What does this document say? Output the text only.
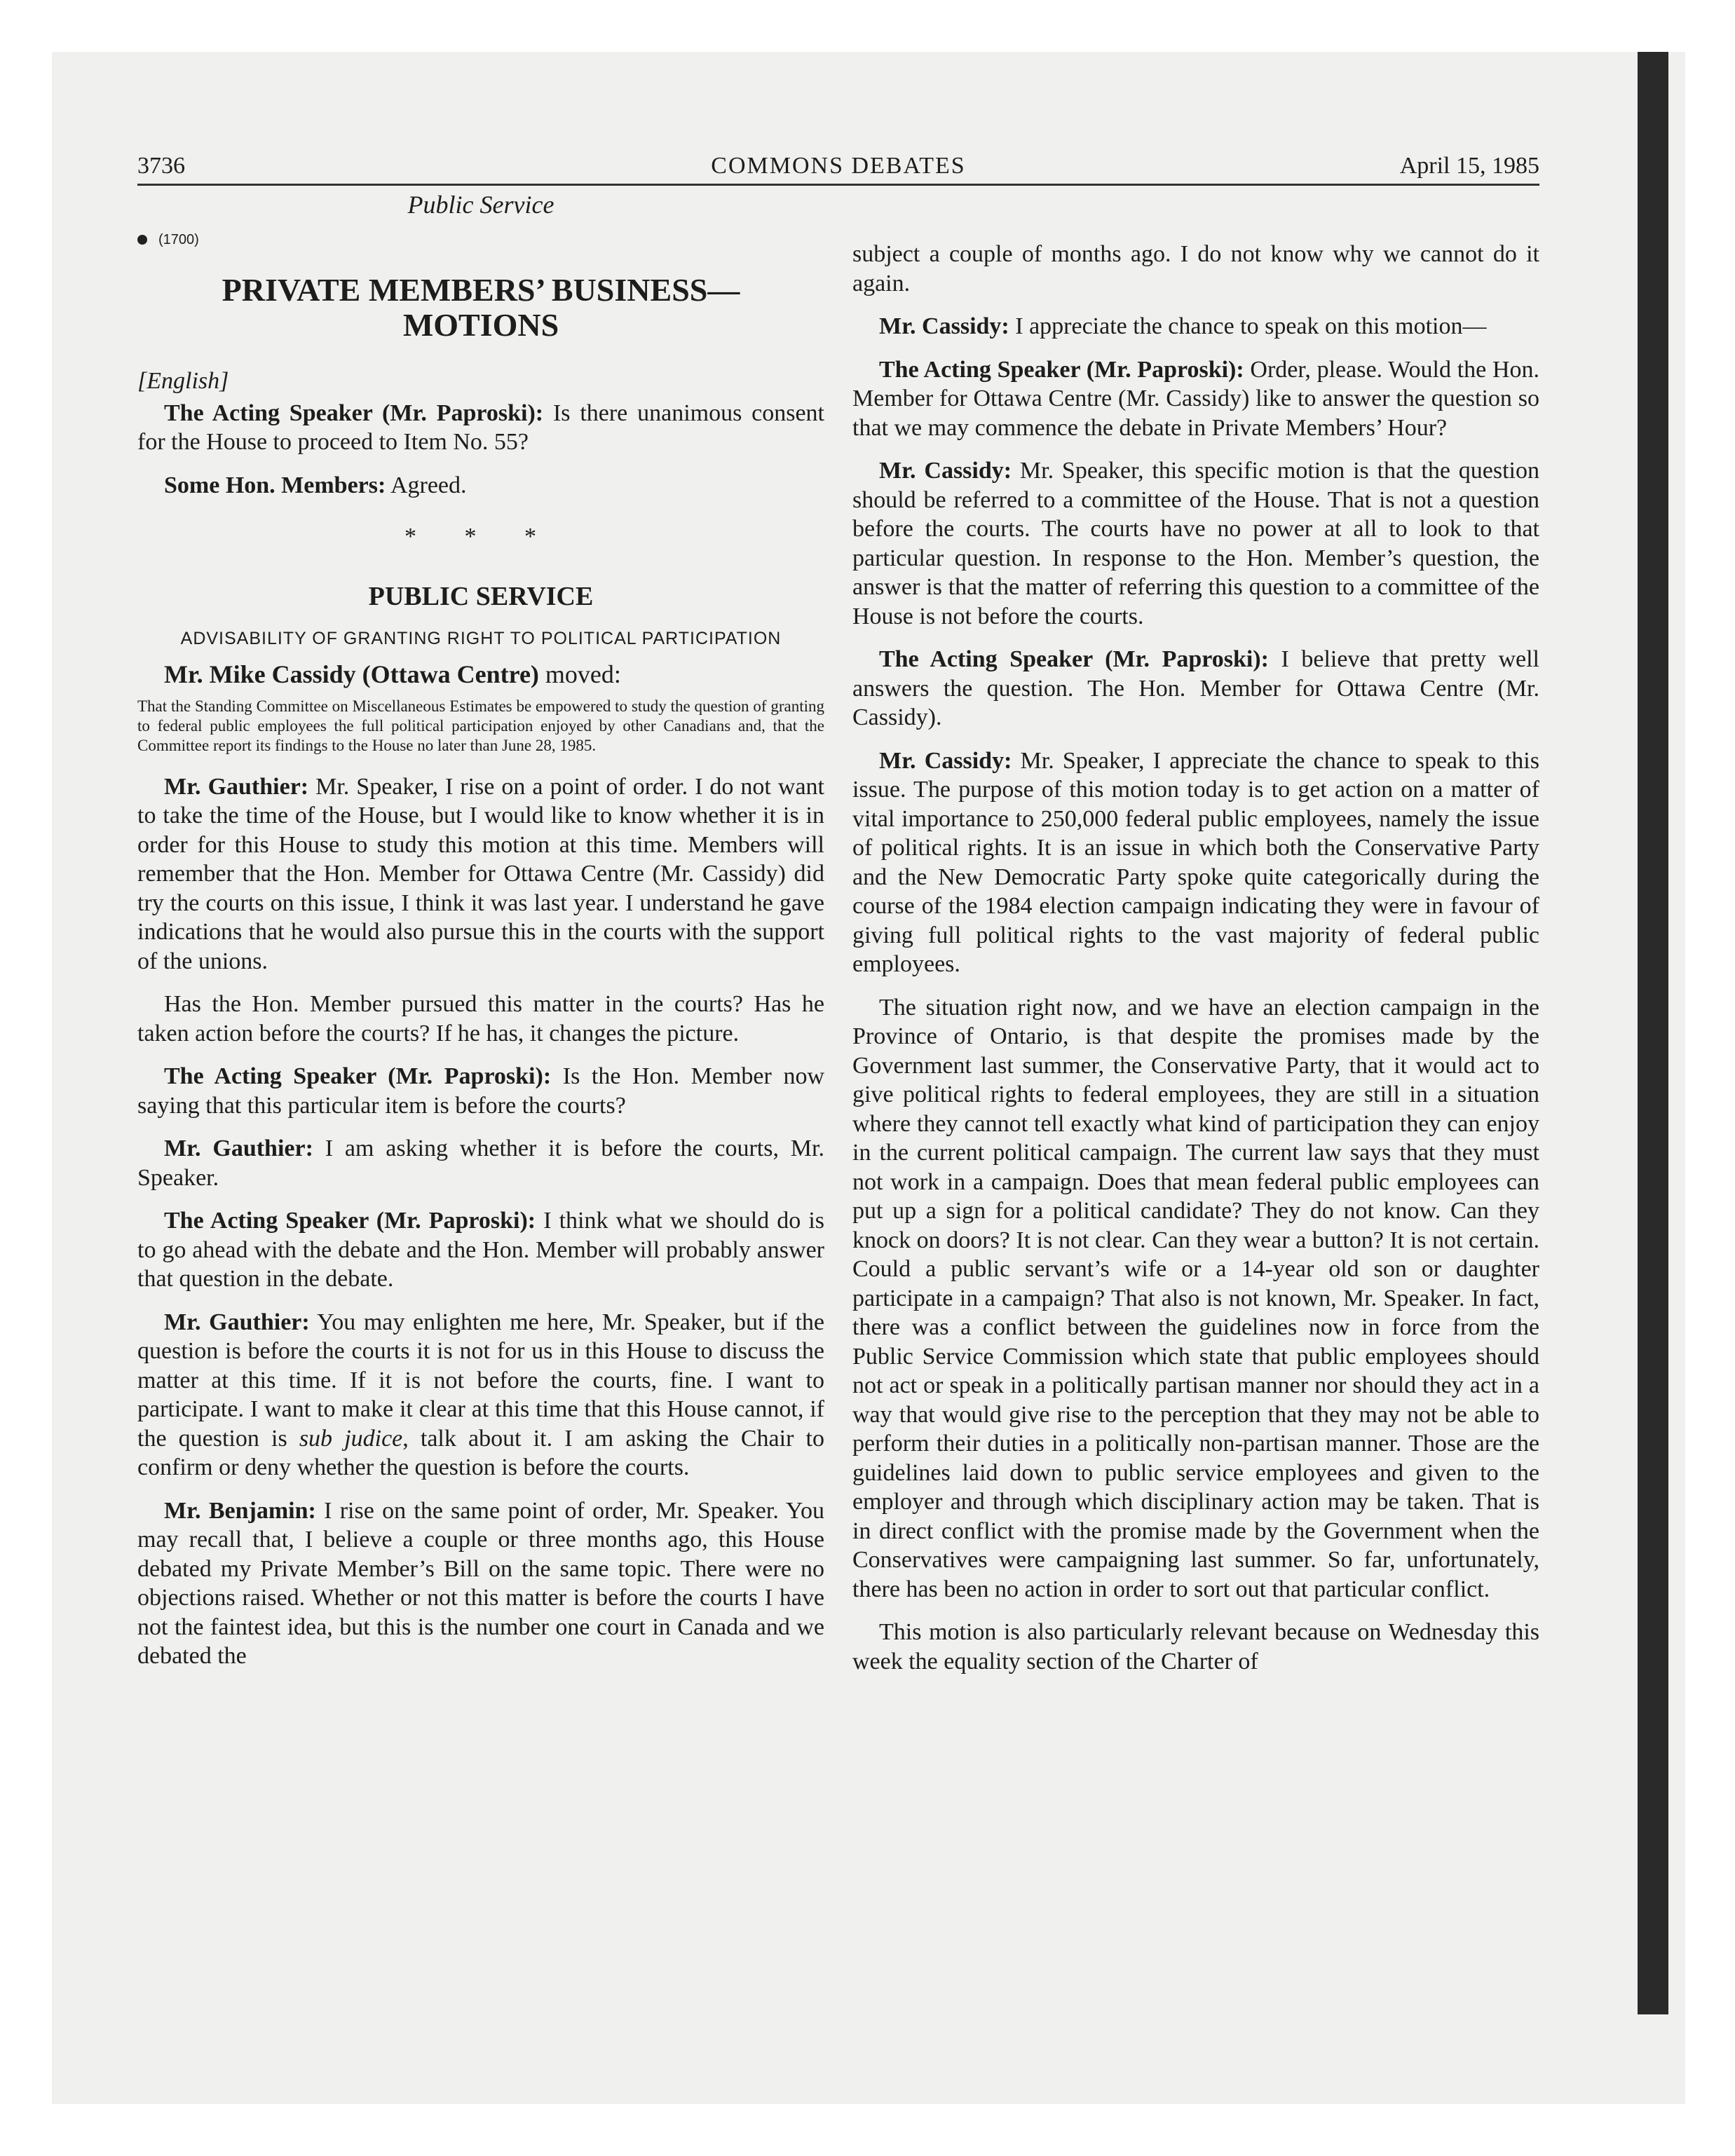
3736	COMMONS DEBATES	April 15, 1985
Public Service
(1700)
PRIVATE MEMBERS’ BUSINESS— MOTIONS
[English]

The Acting Speaker (Mr. Paproski): Is there unanimous consent for the House to proceed to Item No. 55?

Some Hon. Members: Agreed.

* * *
PUBLIC SERVICE
ADVISABILITY OF GRANTING RIGHT TO POLITICAL PARTICIPATION

Mr. Mike Cassidy (Ottawa Centre) moved:

That the Standing Committee on Miscellaneous Estimates be empowered to study the question of granting to federal public employees the full political participation enjoyed by other Canadians and, that the Committee report its findings to the House no later than June 28, 1985.

Mr. Gauthier: Mr. Speaker, I rise on a point of order. I do not want to take the time of the House, but I would like to know whether it is in order for this House to study this motion at this time. Members will remember that the Hon. Member for Ottawa Centre (Mr. Cassidy) did try the courts on this issue, I think it was last year. I understand he gave indications that he would also pursue this in the courts with the support of the unions.

Has the Hon. Member pursued this matter in the courts? Has he taken action before the courts? If he has, it changes the picture.

The Acting Speaker (Mr. Paproski): Is the Hon. Member now saying that this particular item is before the courts?

Mr. Gauthier: I am asking whether it is before the courts, Mr. Speaker.

The Acting Speaker (Mr. Paproski): I think what we should do is to go ahead with the debate and the Hon. Member will probably answer that question in the debate.

Mr. Gauthier: You may enlighten me here, Mr. Speaker, but if the question is before the courts it is not for us in this House to discuss the matter at this time. If it is not before the courts, fine. I want to participate. I want to make it clear at this time that this House cannot, if the question is sub judice, talk about it. I am asking the Chair to confirm or deny whether the question is before the courts.

Mr. Benjamin: I rise on the same point of order, Mr. Speaker. You may recall that, I believe a couple or three months ago, this House debated my Private Member’s Bill on the same topic. There were no objections raised. Whether or not this matter is before the courts I have not the faintest idea, but this is the number one court in Canada and we debated the

subject a couple of months ago. I do not know why we cannot do it again.

Mr. Cassidy: I appreciate the chance to speak on this motion—

The Acting Speaker (Mr. Paproski): Order, please. Would the Hon. Member for Ottawa Centre (Mr. Cassidy) like to answer the question so that we may commence the debate in Private Members’ Hour?

Mr. Cassidy: Mr. Speaker, this specific motion is that the question should be referred to a committee of the House. That is not a question before the courts. The courts have no power at all to look to that particular question. In response to the Hon. Member’s question, the answer is that the matter of referring this question to a committee of the House is not before the courts.

The Acting Speaker (Mr. Paproski): I believe that pretty well answers the question. The Hon. Member for Ottawa Centre (Mr. Cassidy).

Mr. Cassidy: Mr. Speaker, I appreciate the chance to speak to this issue. The purpose of this motion today is to get action on a matter of vital importance to 250,000 federal public employees, namely the issue of political rights. It is an issue in which both the Conservative Party and the New Democratic Party spoke quite categorically during the course of the 1984 election campaign indicating they were in favour of giving full political rights to the vast majority of federal public employees.

The situation right now, and we have an election campaign in the Province of Ontario, is that despite the promises made by the Government last summer, the Conservative Party, that it would act to give political rights to federal employees, they are still in a situation where they cannot tell exactly what kind of participation they can enjoy in the current political campaign. The current law says that they must not work in a campaign. Does that mean federal public employees can put up a sign for a political candidate? They do not know. Can they knock on doors? It is not clear. Can they wear a button? It is not certain. Could a public servant’s wife or a 14-year old son or daughter participate in a campaign? That also is not known, Mr. Speaker. In fact, there was a conflict between the guidelines now in force from the Public Service Commission which state that public employees should not act or speak in a politically partisan manner nor should they act in a way that would give rise to the perception that they may not be able to perform their duties in a politically non-partisan manner. Those are the guidelines laid down to public service employees and given to the employer and through which disciplinary action may be taken. That is in direct conflict with the promise made by the Government when the Conservatives were campaigning last summer. So far, unfortunately, there has been no action in order to sort out that particular conflict.

This motion is also particularly relevant because on Wednesday this week the equality section of the Charter of
